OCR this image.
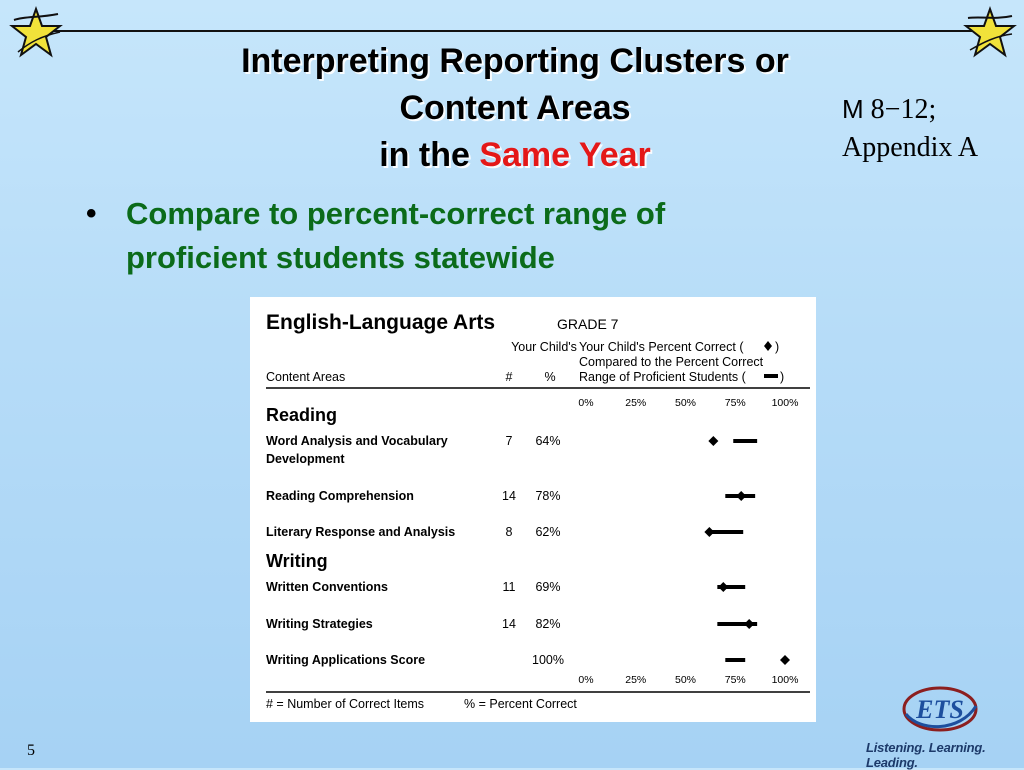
Interpreting Reporting Clusters or
Content Areas
in the Same Year
M 8−12;
Appendix A
• Compare to percent-correct range of proficient students statewide
English-Language Arts	GRADE 7
Your Child's
Content Areas	#	%
Your Child's Percent Correct (	)
Compared to the Percent Correct
Range of Proficient Students (	)
0%	25%	50%	75% 100%
Reading
Word Analysis and Vocabulary
Development
7 64%
Reading Comprehension	14 78%
Literary Response and Analysis	8 62%
Writing
Written Conventions	11 69%
Writing Strategies	14 82%
Writing Applications Score	100%
0%	25%	50%	75% 100%
# = Number of Correct Items	% = Percent Correct	ETS
Listening. Learning. Leading.
5
